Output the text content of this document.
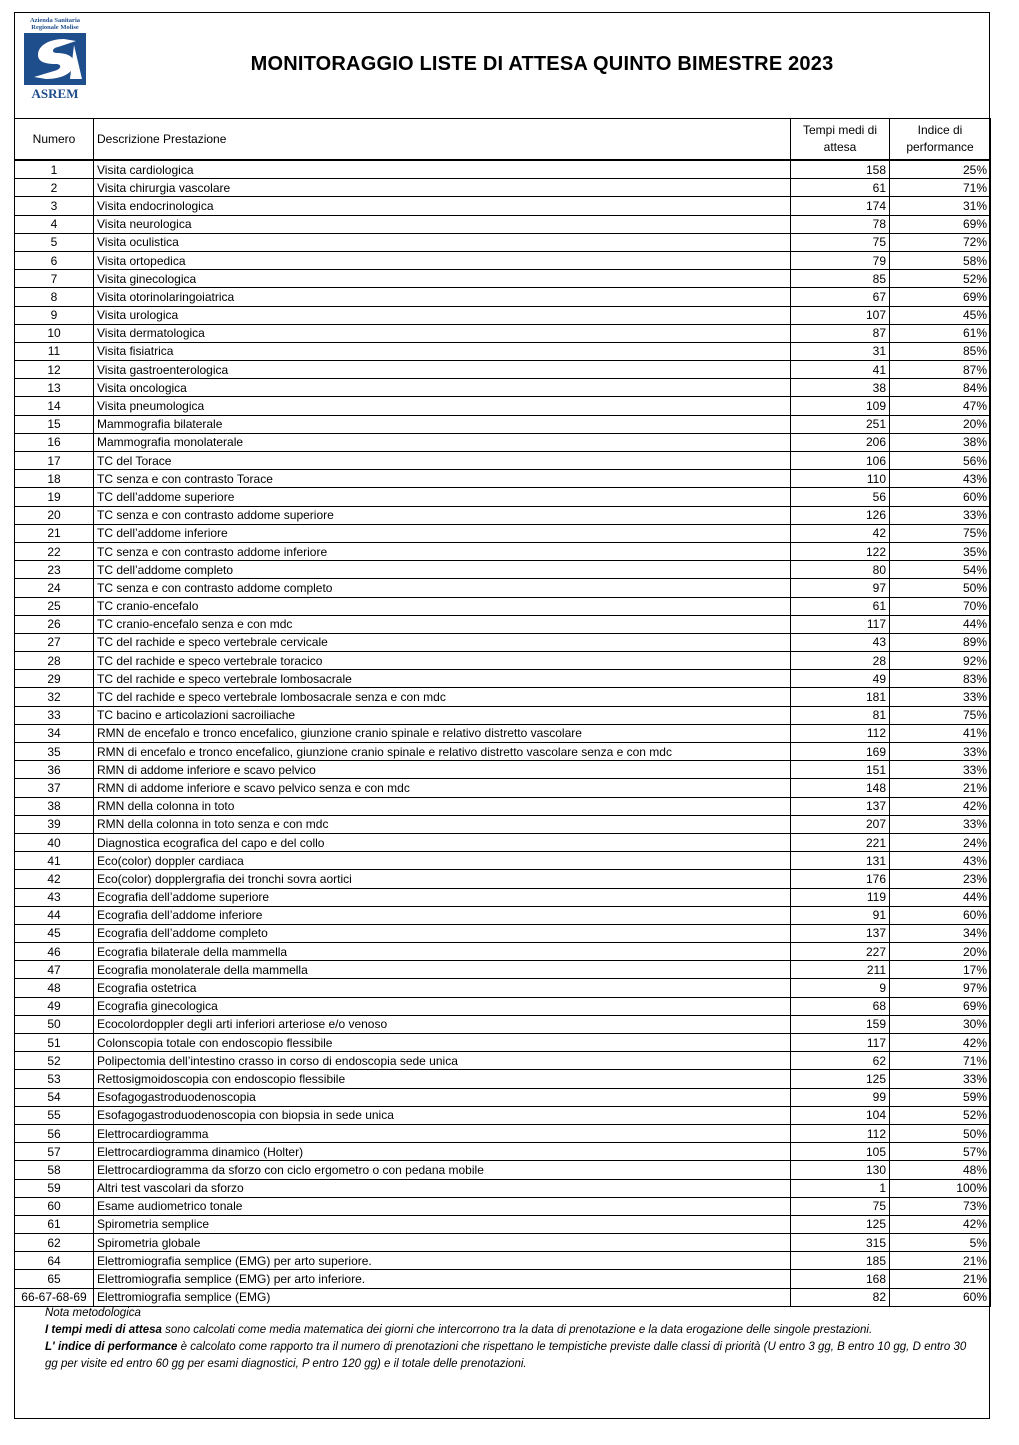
Azienda Sanitaria
Regionale Molise
ASREM
MONITORAGGIO LISTE DI ATTESA QUINTO BIMESTRE 2023
Numero	Descrizione Prestazione	Tempi medi di attesa	Indice di performance

1	Visita cardiologica	158	25%
2	Visita chirurgia vascolare	61	71%
3	Visita endocrinologica	174	31%
4	Visita neurologica	78	69%
5	Visita oculistica	75	72%
6	Visita ortopedica	79	58%
7	Visita ginecologica	85	52%
8	Visita otorinolaringoiatrica	67	69%
9	Visita urologica	107	45%
10	Visita dermatologica	87	61%
11	Visita fisiatrica	31	85%
12	Visita gastroenterologica	41	87%
13	Visita oncologica	38	84%
14	Visita pneumologica	109	47%
15	Mammografia bilaterale	251	20%
16	Mammografia monolaterale	206	38%
17	TC del Torace	106	56%
18	TC senza e con contrasto Torace	110	43%
19	TC dell’addome superiore	56	60%
20	TC senza e con contrasto addome superiore	126	33%
21	TC dell’addome inferiore	42	75%
22	TC senza e con contrasto addome inferiore	122	35%
23	TC dell’addome completo	80	54%
24	TC senza e con contrasto addome completo	97	50%
25	TC cranio-encefalo	61	70%
26	TC cranio-encefalo senza e con mdc	117	44%
27	TC del rachide e speco vertebrale cervicale	43	89%
28	TC del rachide e speco vertebrale toracico	28	92%
29	TC del rachide e speco vertebrale lombosacrale	49	83%
32	TC del rachide e speco vertebrale lombosacrale senza e con mdc	181	33%
33	TC bacino e articolazioni sacroiliache	81	75%
34	RMN de encefalo e tronco encefalico, giunzione cranio spinale e relativo distretto vascolare	112	41%
35	RMN di encefalo e tronco encefalico, giunzione cranio spinale e relativo distretto vascolare senza e con mdc	169	33%
36	RMN di addome inferiore e scavo pelvico	151	33%
37	RMN di addome inferiore e scavo pelvico senza e con mdc	148	21%
38	RMN della colonna in toto	137	42%
39	RMN della colonna in toto senza e con mdc	207	33%
40	Diagnostica ecografica del capo e del collo	221	24%
41	Eco(color) doppler cardiaca	131	43%
42	Eco(color) dopplergrafia dei tronchi sovra aortici	176	23%
43	Ecografia dell’addome superiore	119	44%
44	Ecografia dell’addome inferiore	91	60%
45	Ecografia dell’addome completo	137	34%
46	Ecografia bilaterale della mammella	227	20%
47	Ecografia monolaterale della mammella	211	17%
48	Ecografia ostetrica	9	97%
49	Ecografia ginecologica	68	69%
50	Ecocolordoppler degli arti inferiori arteriose e/o venoso	159	30%
51	Colonscopia totale con endoscopio flessibile	117	42%
52	Polipectomia dell’intestino crasso in corso di endoscopia sede unica	62	71%
53	Rettosigmoidoscopia con endoscopio flessibile	125	33%
54	Esofagogastroduodenoscopia	99	59%
55	Esofagogastroduodenoscopia con biopsia in sede unica	104	52%
56	Elettrocardiogramma	112	50%
57	Elettrocardiogramma dinamico (Holter)	105	57%
58	Elettrocardiogramma da sforzo con ciclo ergometro o con pedana mobile	130	48%
59	Altri test vascolari da sforzo	1	100%
60	Esame audiometrico tonale	75	73%
61	Spirometria semplice	125	42%
62	Spirometria globale	315	5%
64	Elettromiografia semplice (EMG) per arto superiore.	185	21%
65	Elettromiografia semplice (EMG) per arto inferiore.	168	21%
66-67-68-69	Elettromiografia semplice (EMG)	82	60%
Nota metodologica
I tempi medi di attesa sono calcolati come media matematica dei giorni che intercorrono tra la data di prenotazione e la data erogazione delle singole prestazioni.
L' indice di performance è calcolato come rapporto tra il numero di prenotazioni che rispettano le tempistiche previste dalle classi di priorità (U entro 3 gg, B entro 10 gg, D entro 30 gg per visite ed entro 60 gg per esami diagnostici, P entro 120 gg) e il totale delle prenotazioni.
